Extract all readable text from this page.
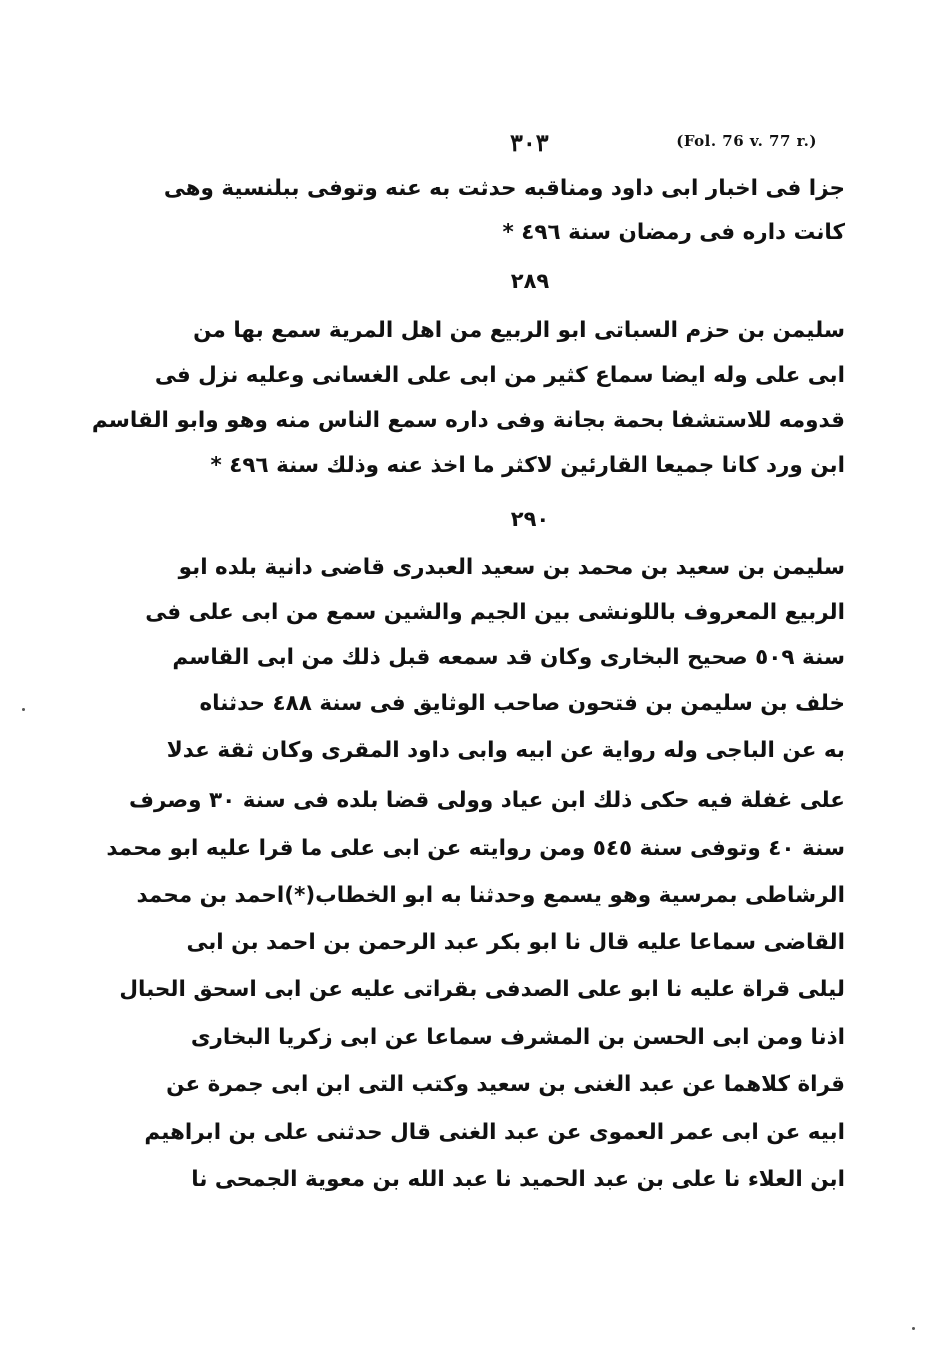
٣٠٣	(Fol. 76 v. 77 r.)
جزا فى اخبار ابى داود ومناقبه حدثت به عنه وتوفى ببلنسية وهى
كانت داره فى رمضان سنة ٤٩٦ *
٢٨٩
سليمن بن حزم السباتى ابو الربيع من اهل المرية سمع بها من
ابى على وله ايضا سماع كثير من ابى على الغسانى وعليه نزل فى
قدومه للاستشفا بحمة بجانة وفى داره سمع الناس منه وهو وابو القاسم
ابن ورد كانا جميعا القارئين لاكثر ما اخذ عنه وذلك سنة ٤٩٦ *
٢٩٠
سليمن بن سعيد بن محمد بن سعيد العبدرى قاضى دانية بلده ابو
الربيع المعروف باللونشى بين الجيم والشين سمع من ابى على فى
سنة ٥٠٩ صحيح البخارى وكان قد سمعه قبل ذلك من ابى القاسم
خلف بن سليمن بن فتحون صاحب الوثايق فى سنة ٤٨٨ حدثناه
به عن الباجى وله رواية عن ابيه وابى داود المقرى وكان ثقة عدلا
على غفلة فيه حكى ذلك ابن عياد وولى قضا بلده فى سنة ٣٠ وصرف
سنة ٤٠ وتوفى سنة ٥٤٥ ومن روايته عن ابى على ما قرا عليه ابو محمد
الرشاطى بمرسية وهو يسمع وحدثنا به ابو الخطاب(*)احمد بن محمد
القاضى سماعا عليه قال نا ابو بكر عبد الرحمن بن احمد بن ابى
ليلى قراة عليه نا ابو على الصدفى بقراتى عليه عن ابى اسحق الحبال
اذنا ومن ابى الحسن بن المشرف سماعا عن ابى زكريا البخارى
قراة كلاهما عن عبد الغنى بن سعيد وكتب التى ابن ابى جمرة عن
ابيه عن ابى عمر العموى عن عبد الغنى قال حدثنى على بن ابراهيم
ابن العلاء نا على بن عبد الحميد نا عبد الله بن معوية الجمحى نا
